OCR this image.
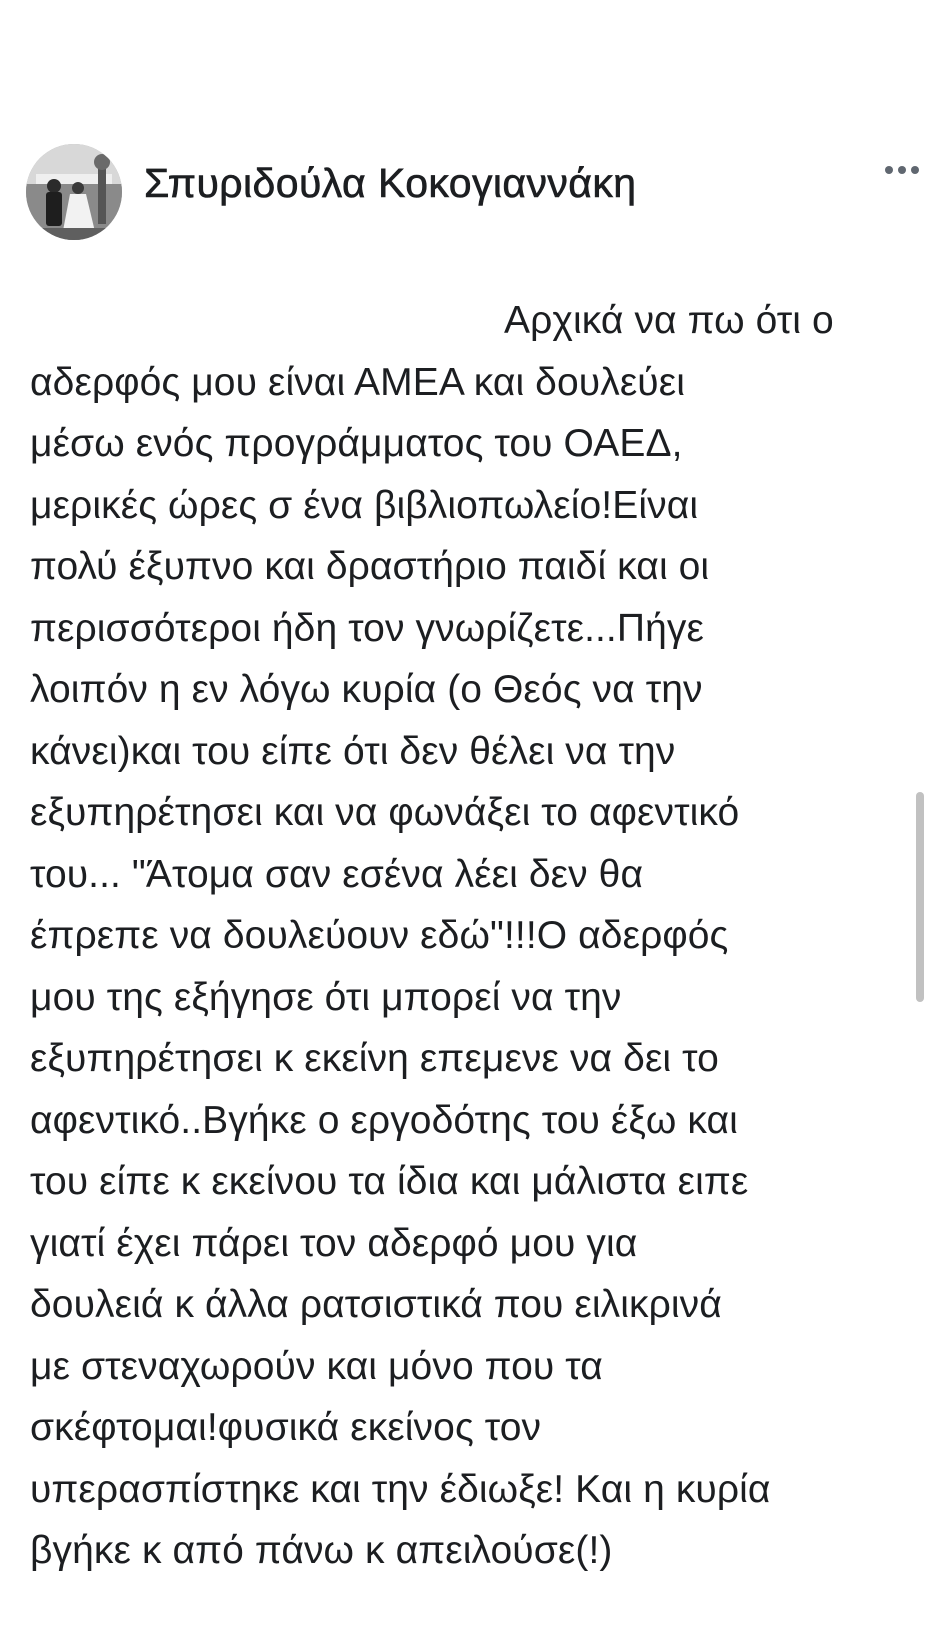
Σπυριδούλα Κοκογιαννάκη
Αρχικά να πω ότι ο
αδερφός μου είναι ΑΜΕΑ και δουλεύει
μέσω ενός προγράμματος του ΟΑΕΔ,
μερικές ώρες σ ένα βιβλιοπωλείο!Είναι
πολύ έξυπνο και δραστήριο παιδί και οι
περισσότεροι ήδη τον γνωρίζετε...Πήγε
λοιπόν η εν λόγω κυρία (ο Θεός να την
κάνει)και του είπε ότι δεν θέλει να την
εξυπηρέτησει και να φωνάξει το αφεντικό
του... "Άτομα σαν εσένα λέει δεν θα
έπρεπε να δουλεύουν εδώ"!!!Ο αδερφός
μου της εξήγησε ότι μπορεί να την
εξυπηρέτησει κ εκείνη επεμενε να δει το
αφεντικό..Βγήκε ο εργοδότης του έξω και
του είπε κ εκείνου τα ίδια και μάλιστα ειπε
γιατί έχει πάρει τον αδερφό μου για
δουλειά κ άλλα ρατσιστικά που ειλικρινά
με στεναχωρούν και μόνο που τα
σκέφτομαι!φυσικά εκείνος τον
υπερασπίστηκε και την έδιωξε! Και η κυρία
βγήκε κ από πάνω κ απειλούσε(!)
